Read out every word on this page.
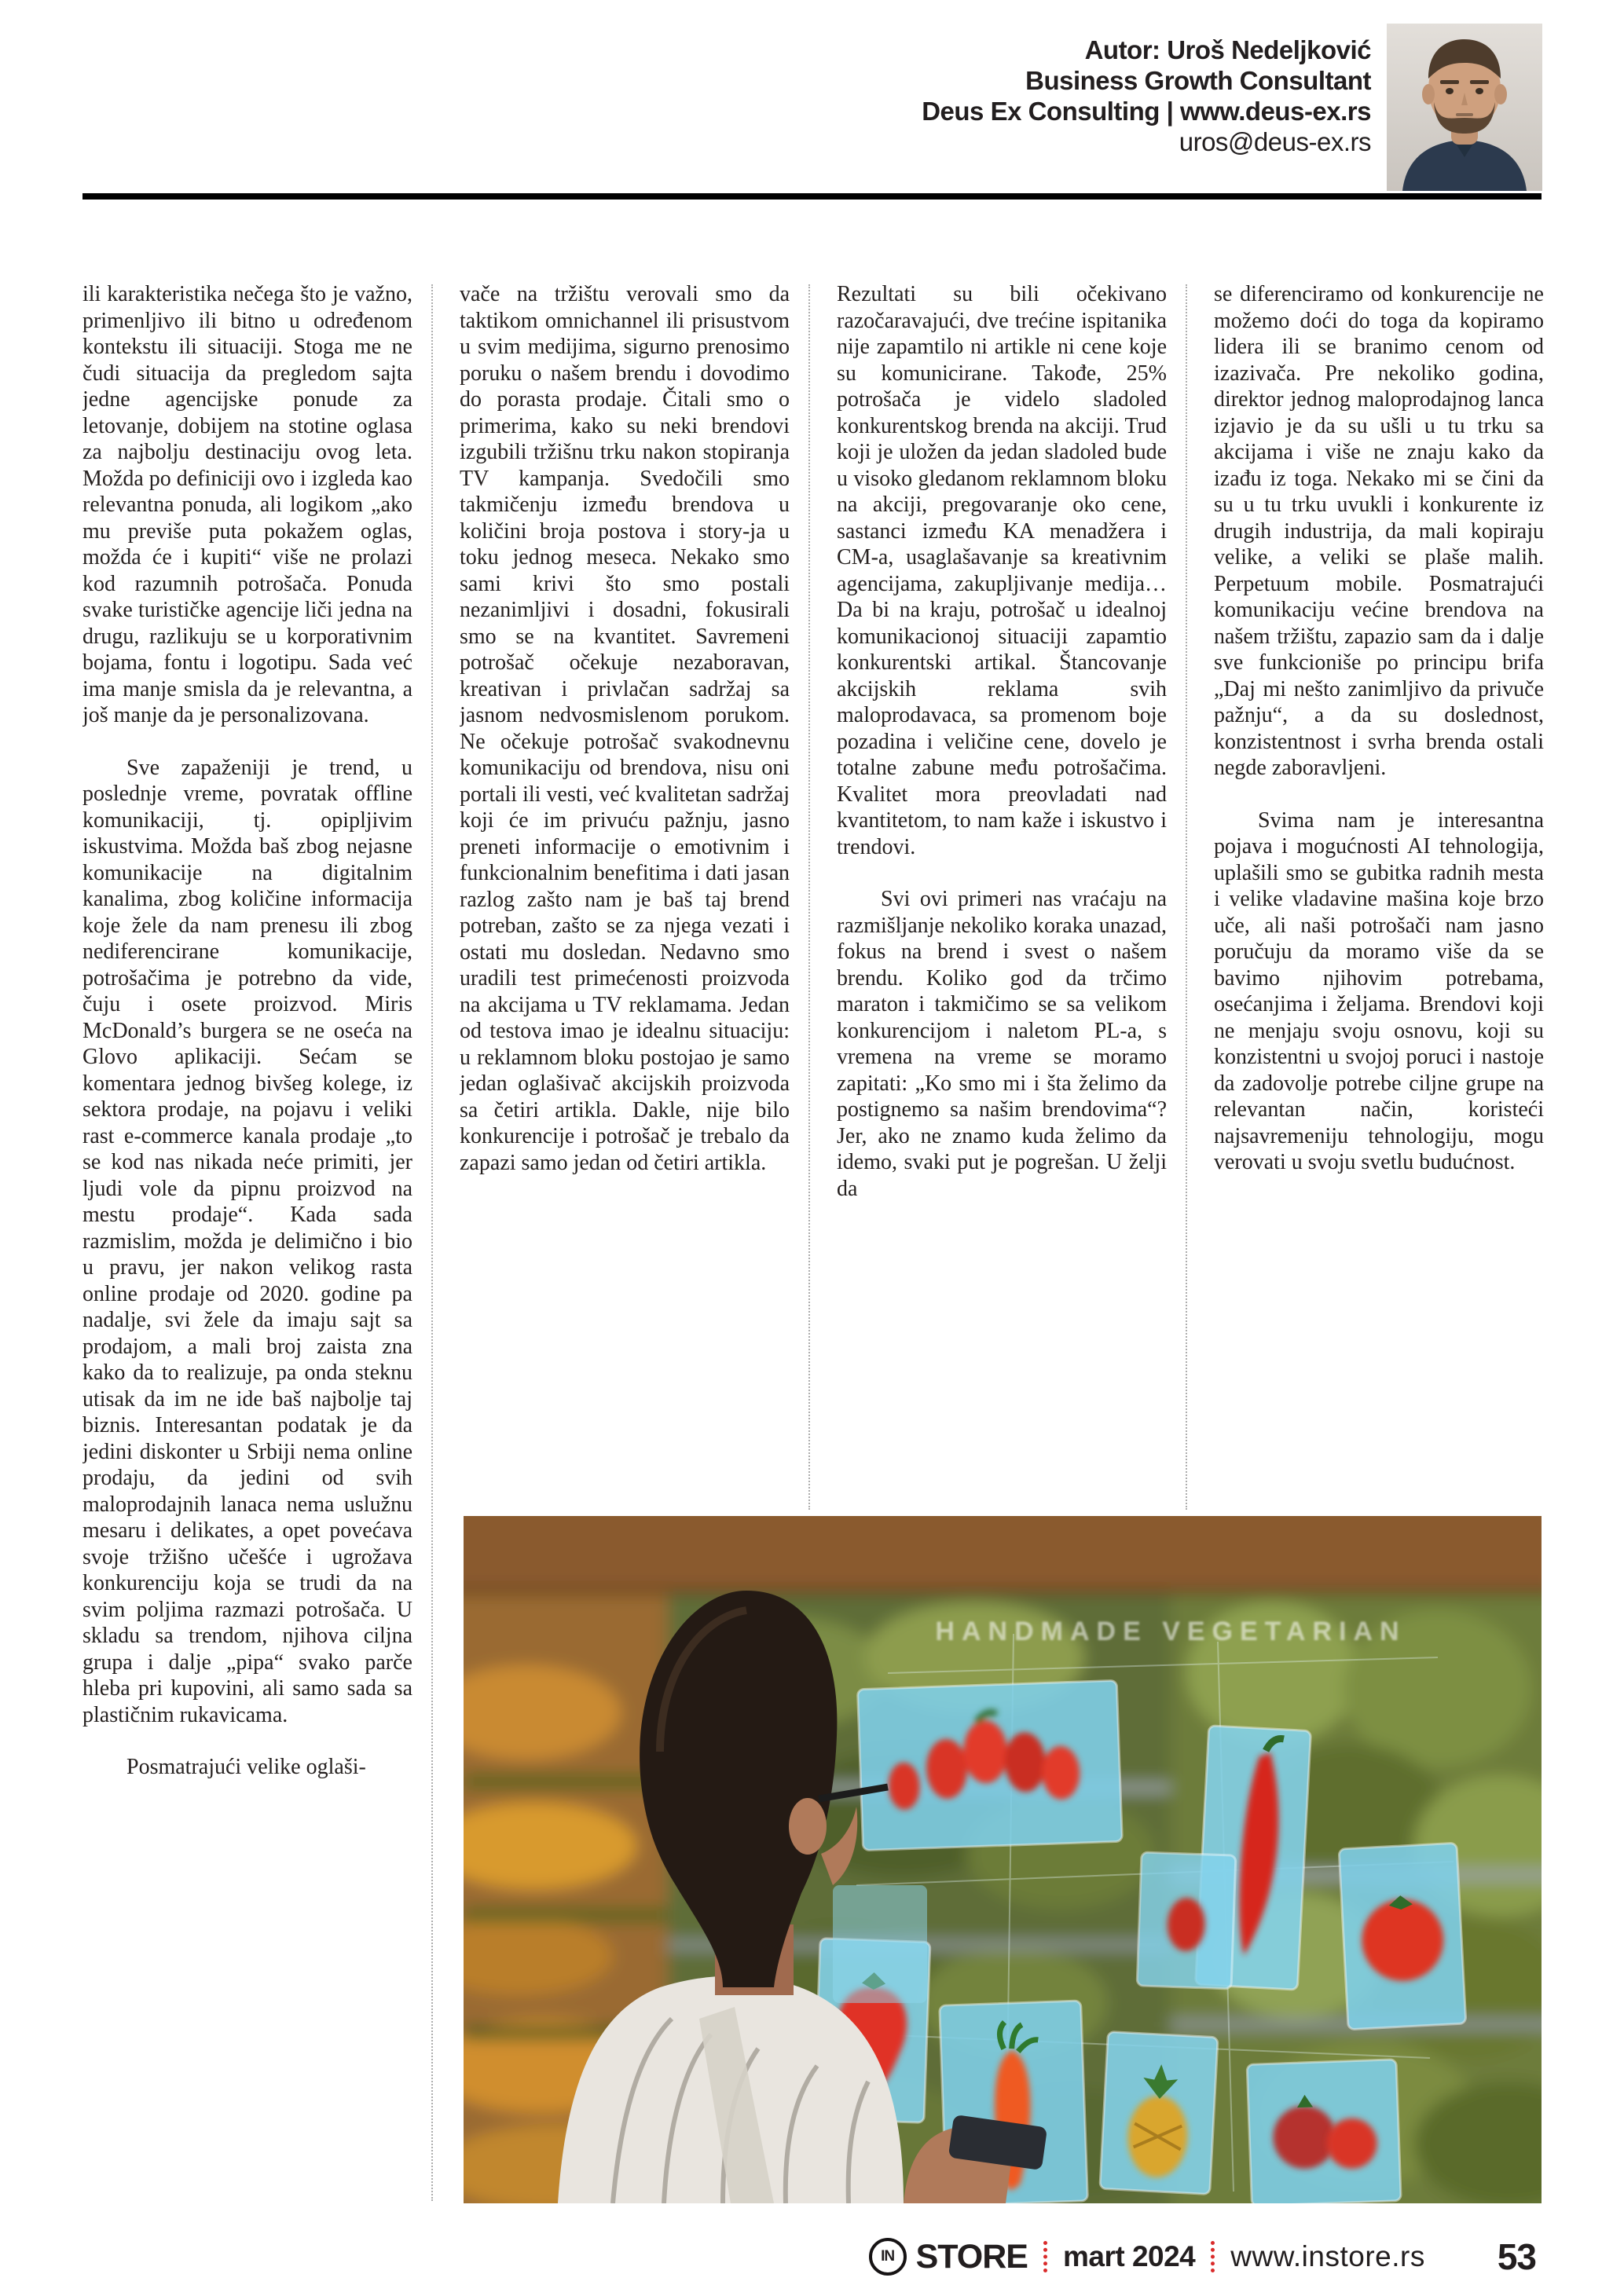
Autor: Uroš Nedeljković
Business Growth Consultant
Deus Ex Consulting | www.deus-ex.rs
uros@deus-ex.rs

ili karakteristika nečega što je važno, primenljivo ili bitno u određenom kontekstu ili situaciji. Stoga me ne čudi situacija da pregledom sajta jedne agencijske ponude za letovanje, dobijem na stotine oglasa za najbolju destinaciju ovog leta. Možda po definiciji ovo i izgleda kao relevantna ponuda, ali logikom „ako mu previše puta pokažem oglas, možda će i kupiti“ više ne prolazi kod razumnih potrošača. Ponuda svake turističke agencije liči jedna na drugu, razlikuju se u korporativnim bojama, fontu i logotipu. Sada već ima manje smisla da je relevantna, a još manje da je personalizovana.

Sve zapaženiji je trend, u poslednje vreme, povratak offline komunikaciji, tj. opipljivim iskustvima. Možda baš zbog nejasne komunikacije na digitalnim kanalima, zbog količine informacija koje žele da nam prenesu ili zbog nediferencirane komunikacije, potrošačima je potrebno da vide, čuju i osete proizvod. Miris McDonald’s burgera se ne oseća na Glovo aplikaciji. Sećam se komentara jednog bivšeg kolege, iz sektora prodaje, na pojavu i veliki rast e-commerce kanala prodaje „to se kod nas nikada neće primiti, jer ljudi vole da pipnu proizvod na mestu prodaje“. Kada sada razmislim, možda je delimično i bio u pravu, jer nakon velikog rasta online prodaje od 2020. godine pa nadalje, svi žele da imaju sajt sa prodajom, a mali broj zaista zna kako da to realizuje, pa onda steknu utisak da im ne ide baš najbolje taj biznis. Interesantan podatak je da jedini diskonter u Srbiji nema online prodaju, da jedini od svih maloprodajnih lanaca nema uslužnu mesaru i delikates, a opet povećava svoje tržišno učešće i ugrožava konkurenciju koja se trudi da na svim poljima razmazi potrošača. U skladu sa trendom, njihova ciljna grupa i dalje „pipa“ svako parče hleba pri kupovini, ali samo sada sa plastičnim rukavicama.

Posmatrajući velike oglaši-

vače na tržištu verovali smo da taktikom omnichannel ili prisustvom u svim medijima, sigurno prenosimo poruku o našem brendu i dovodimo do porasta prodaje. Čitali smo o primerima, kako su neki brendovi izgubili tržišnu trku nakon stopiranja TV kampanja. Svedočili smo takmičenju između brendova u količini broja postova i story-ja u toku jednog meseca. Nekako smo sami krivi što smo postali nezanimljivi i dosadni, fokusirali smo se na kvantitet. Savremeni potrošač očekuje nezaboravan, kreativan i privlačan sadržaj sa jasnom nedvosmislenom porukom. Ne očekuje potrošač svakodnevnu komunikaciju od brendova, nisu oni portali ili vesti, već kvalitetan sadržaj koji će im privuću pažnju, jasno preneti informacije o emotivnim i funkcionalnim benefitima i dati jasan razlog zašto nam je baš taj brend potreban, zašto se za njega vezati i ostati mu dosledan. Nedavno smo uradili test primećenosti proizvoda na akcijama u TV reklamama. Jedan od testova imao je idealnu situaciju: u reklamnom bloku postojao je samo jedan oglašivač akcijskih proizvoda sa četiri artikla. Dakle, nije bilo konkurencije i potrošač je trebalo da zapazi samo jedan od četiri artikla.

Rezultati su bili očekivano razočaravajući, dve trećine ispitanika nije zapamtilo ni artikle ni cene koje su komunicirane. Takođe, 25% potrošača je videlo sladoled konkurentskog brenda na akciji. Trud koji je uložen da jedan sladoled bude u visoko gledanom reklamnom bloku na akciji, pregovaranje oko cene, sastanci između KA menadžera i CM-a, usaglašavanje sa kreativnim agencijama, zakupljivanje medija… Da bi na kraju, potrošač u idealnoj komunikacionoj situaciji zapamtio konkurentski artikal. Štancovanje akcijskih reklama svih maloprodavaca, sa promenom boje pozadina i veličine cene, dovelo je totalne zabune među potrošačima. Kvalitet mora preovladati nad kvantitetom, to nam kaže i iskustvo i trendovi.

Svi ovi primeri nas vraćaju na razmišljanje nekoliko koraka unazad, fokus na brend i svest o našem brendu. Koliko god da trčimo maraton i takmičimo se sa velikom konkurencijom i naletom PL-a, s vremena na vreme se moramo zapitati: „Ko smo mi i šta želimo da postignemo sa našim brendovima“? Jer, ako ne znamo kuda želimo da idemo, svaki put je pogrešan. U želji da

se diferenciramo od konkurencije ne možemo doći do toga da kopiramo lidera ili se branimo cenom od izazivača. Pre nekoliko godina, direktor jednog maloprodajnog lanca izjavio je da su ušli u tu trku sa akcijama i više ne znaju kako da izađu iz toga. Nekako mi se čini da su u tu trku uvukli i konkurente iz drugih industrija, da mali kopiraju velike, a veliki se plaše malih. Perpetuum mobile. Posmatrajući komunikaciju većine brendova na našem tržištu, zapazio sam da i dalje sve funkcioniše po principu brifa „Daj mi nešto zanimljivo da privuče pažnju“, a da su doslednost, konzistentnost i svrha brenda ostali negde zaboravljeni.

Svima nam je interesantna pojava i mogućnosti AI tehnologija, uplašili smo se gubitka radnih mesta i velike vladavine mašina koje brzo uče, ali naši potrošači nam jasno poručuju da moramo više da se bavimo njihovim potrebama, osećanjima i željama. Brendovi koji ne menjaju svoju osnovu, koji su konzistentni u svojoj poruci i nastoje da zadovolje potrebe ciljne grupe na relevantan način, koristeći najsavremeniju tehnologiju, mogu verovati u svoju svetlu budućnost.

HANDMADE VEGETARIAN
IN STORE mart 2024 www.instore.rs 53
